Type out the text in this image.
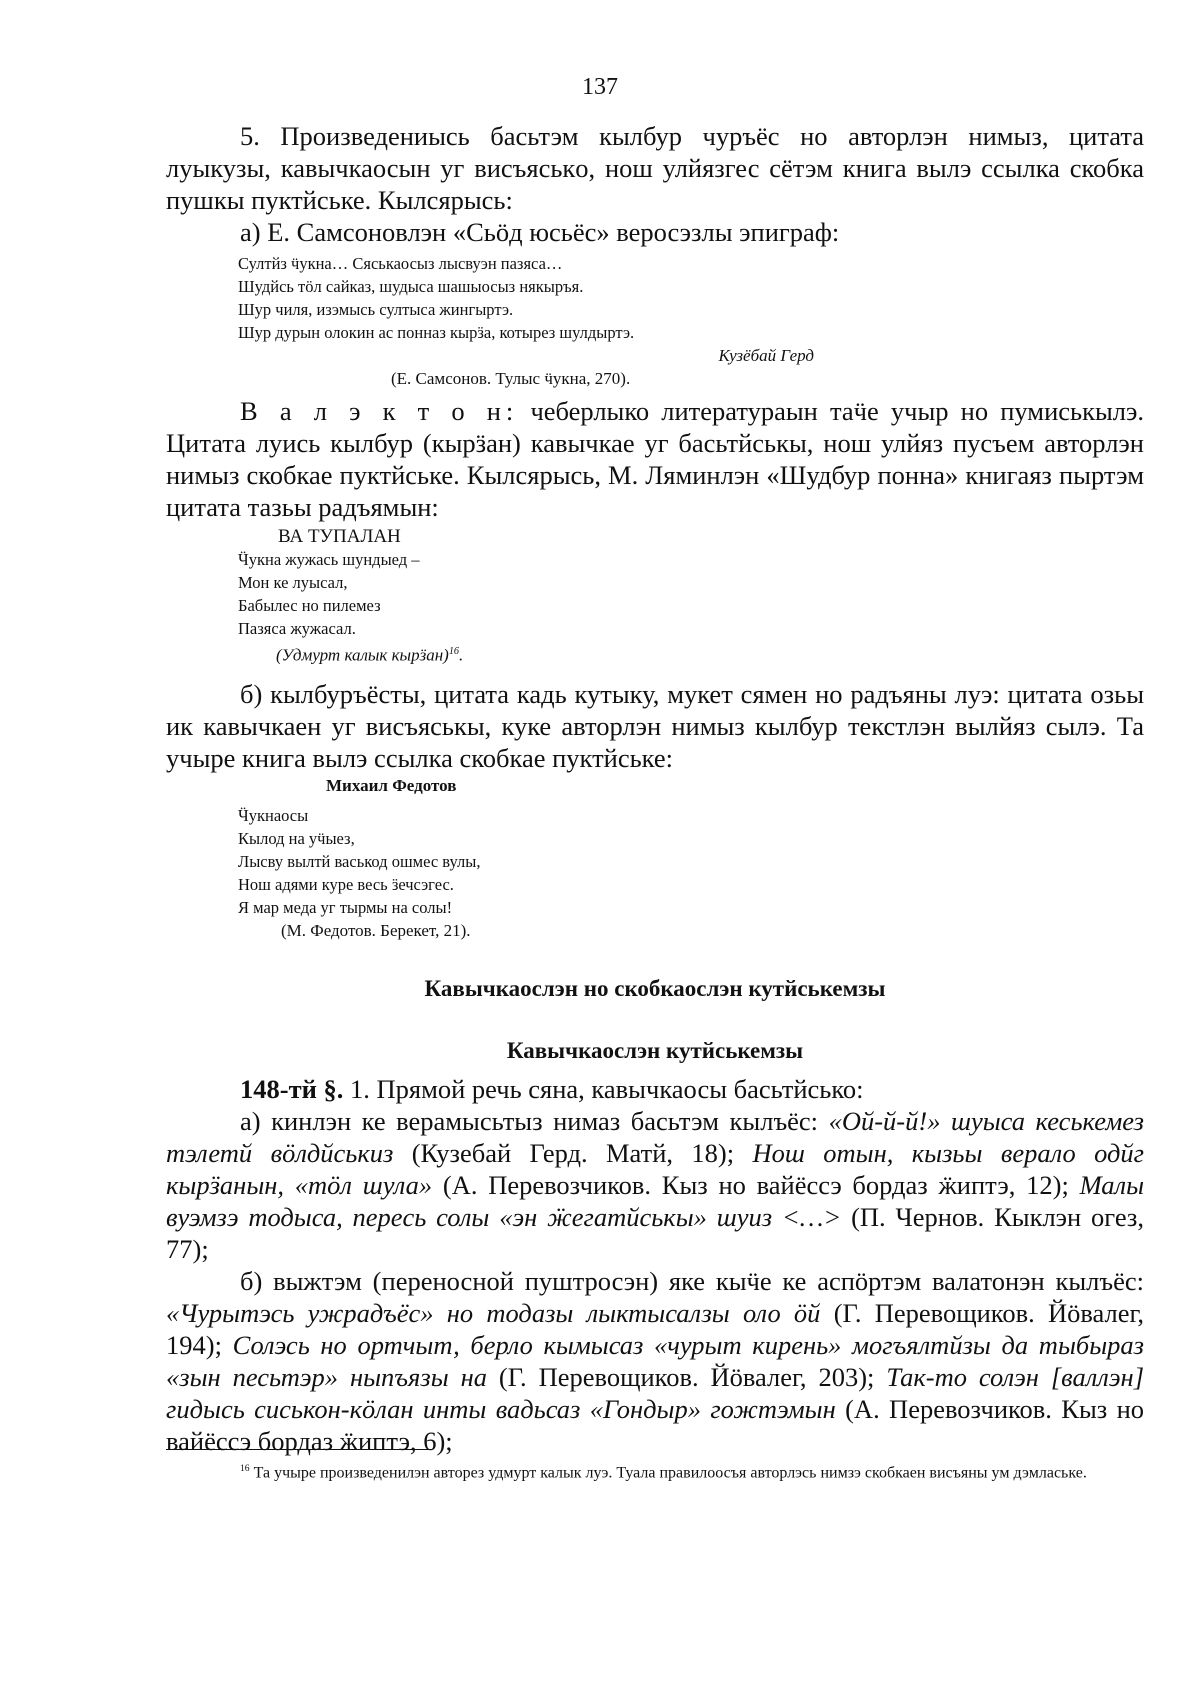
137

5. Произведениысь басьтэм кылбур чуръёс но авторлэн нимыз, цитата луыкузы, кавычкаосын уг висъяськo, нош улйязгес сётэм книга вылэ ссылка скобка пушкы пуктйське. Кылсярысь:

а) Е. Самсоновлэн «Сьӧд юсьёс» веросэзлы эпиграф:

Султйз ӵукна… Сяськаосыз лысвуэн пазяса…
Шудйсь тӧл сайказ, шудыса шашыосыз някыръя.
Шур чиля, изэмысь султыса жингыртэ.
Шур дурын олокин ас понназ кырӟа, котырез шулдыртэ.
Кузёбай Герд
(Е. Самсонов. Тулыс ӵукна, 270).

В а л э к т о н: чеберлыко литератураын таӵе учыр но пумиськылэ. Цитата луись кылбур (кырӟан) кавычкае уг басьтйськы, нош улйяз пусъем авторлэн нимыз скобкае пуктйське. Кылсярысь, М. Ляминлэн «Шудбур понна» книгаяз пыртэм цитата тазьы радъямын:

ВА ТУПАЛАН
Ӵукна жужась шундыед –
Мон ке луысал,
Бабылес но пилемез
Пазяса жужасал.
(Удмурт калык кырӟан)$^{16}$.

б) кылбуръёсты, цитата кадь кутыку, мукет сямен но радъяны луэ: цитата озьы ик кавычкаен уг висъяськы, куке авторлэн нимыз кылбур текстлэн вылйяз сылэ. Та учыре книга вылэ ссылка скобкае пуктйське:

Михаил Федотов
Ӵукнаосы
Кылод на уӵыез,
Лысву вылтй васькод ошмес вулы,
Нош адями куре весь ӟечсэгес.
Я мар меда уг тырмы на солы!
(М. Федотов. Берекет, 21).
Кавычкаослэн но скобкаослэн кутйськемзы
Кавычкаослэн кутйськемзы

148-тй §. 1. Прямой речь сяна, кавычкаосы басьтйсько:

а) кинлэн ке верамысьтыз нимаз басьтэм кылъёс: «Ой-й-й!» шуыса кеськемез тэлетй вӧлдйськиз (Кузебай Герд. Матй, 18); Нош отын, кызьы верало одйг кырӟанын, «тӧл шула» (А. Перевозчиков. Кыз но вайёссэ бордаз ӝиптэ, 12); Малы вуэмзэ тодыса, перeсь солы «эн ӝегатйськы» шуиз <…> (П. Чернов. Кыклэн огез, 77);

б) выжтэм (переносной пуштросэн) яке кыӵе ке аспӧртэм валатонэн кылъёс: «Чурытэсь ужрадъёс» но тодазы лыктысалзы оло ӧй (Г. Перевощиков. Йӧвалег, 194); Солэсь но ортчыт, берло кымысаз «чурыт кирень» могъялтйзы да тыбыраз «зын песьтэр» ныпъязы на (Г. Перевощиков. Йӧвалег, 203); Так-то солэн [валлэн] гидысь сиськон-кӧлан инты вадьсаз «Гондыр» гожтэмын (А. Перевозчиков. Кыз но вайёссэ бордаз ӝиптэ, 6);

$^{16}$ Та учыре произведенилэн авторез удмурт калык луэ. Туала правилоосъя авторлэсь нимзэ скобкаен висъяны ум дэмлаське.
